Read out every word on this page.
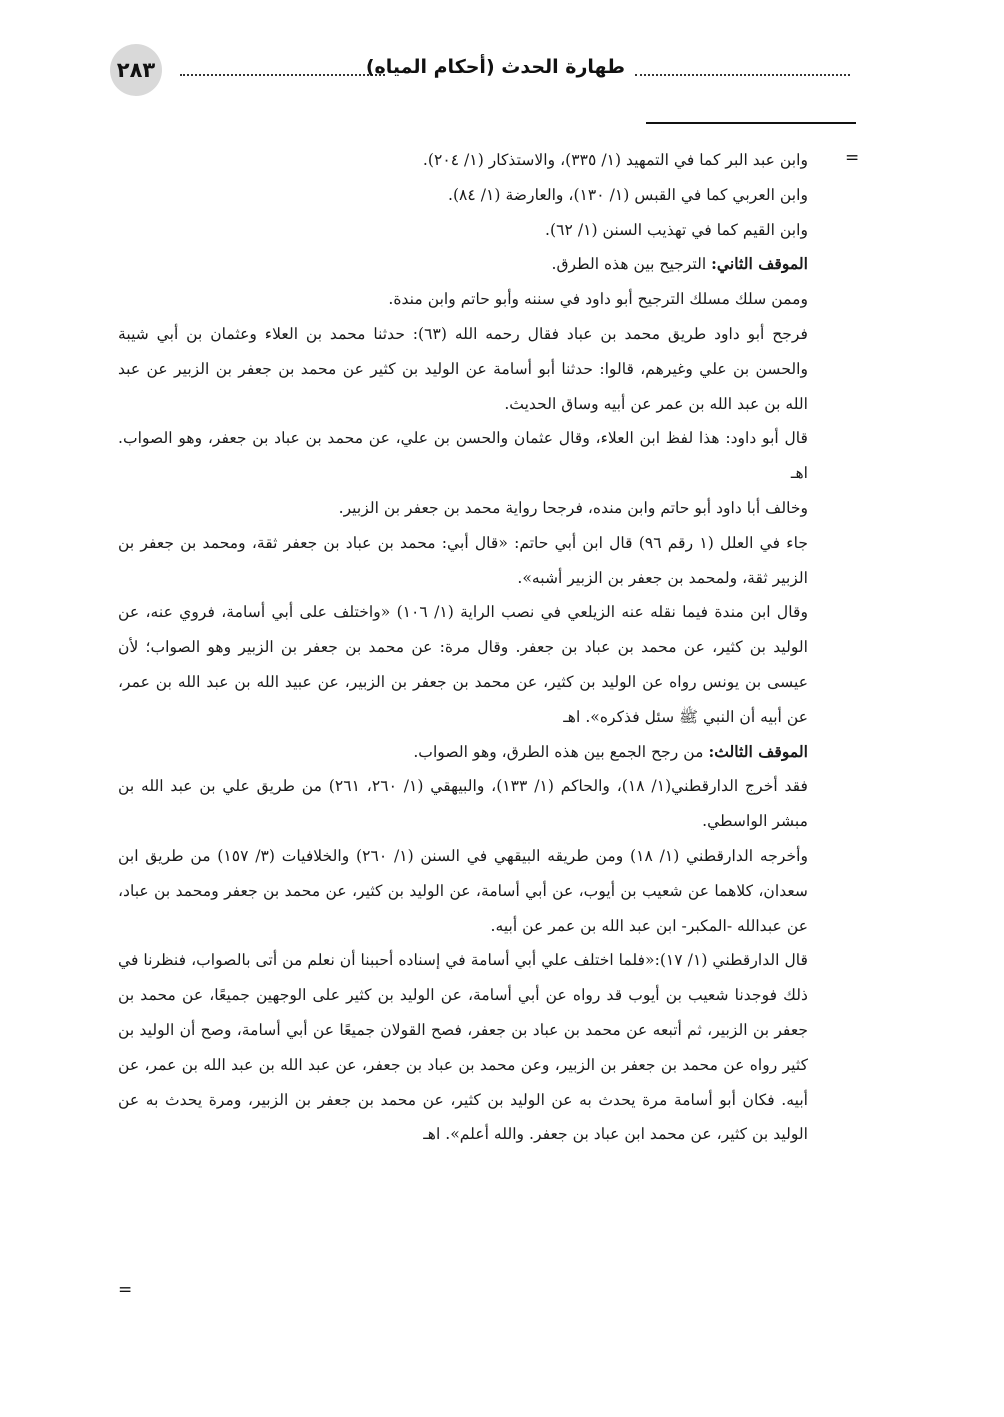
٢٨٣	طهارة الحدث (أحكام المياه)
=

وابن عبد البر كما في التمهيد (١/ ٣٣٥)، والاستذكار (١/ ٢٠٤).

وابن العربي كما في القبس (١/ ١٣٠)، والعارضة (١/ ٨٤).

وابن القيم كما في تهذيب السنن (١/ ٦٢).

الموقف الثاني: الترجيح بين هذه الطرق.

وممن سلك مسلك الترجيح أبو داود في سننه وأبو حاتم وابن مندة.

فرجح أبو داود طريق محمد بن عباد فقال رحمه الله (٦٣): حدثنا محمد بن العلاء وعثمان بن أبي شيبة والحسن بن علي وغيرهم، قالوا: حدثنا أبو أسامة عن الوليد بن كثير عن محمد بن جعفر بن الزبير عن عبد الله بن عبد الله بن عمر عن أبيه وساق الحديث.

قال أبو داود: هذا لفظ ابن العلاء، وقال عثمان والحسن بن علي، عن محمد بن عباد بن جعفر، وهو الصواب. اهـ

وخالف أبا داود أبو حاتم وابن منده، فرجحا رواية محمد بن جعفر بن الزبير.

جاء في العلل (١ رقم ٩٦) قال ابن أبي حاتم: «قال أبي: محمد بن عباد بن جعفر ثقة، ومحمد بن جعفر بن الزبير ثقة، ولمحمد بن جعفر بن الزبير أشبه».

وقال ابن مندة فيما نقله عنه الزيلعي في نصب الراية (١/ ١٠٦) «واختلف على أبي أسامة، فروي عنه، عن الوليد بن كثير، عن محمد بن عباد بن جعفر. وقال مرة: عن محمد بن جعفر بن الزبير وهو الصواب؛ لأن عيسى بن يونس رواه عن الوليد بن كثير، عن محمد بن جعفر بن الزبير، عن عبيد الله بن عبد الله بن عمر، عن أبيه أن النبي ﷺ سئل فذكره». اهـ

الموقف الثالث: من رجح الجمع بين هذه الطرق، وهو الصواب.

فقد أخرج الدارقطني(١/ ١٨)، والحاكم (١/ ١٣٣)، والبيهقي (١/ ٢٦٠، ٢٦١) من طريق علي بن عبد الله بن مبشر الواسطي.

وأخرجه الدارقطني (١/ ١٨) ومن طريقه البيقهي في السنن (١/ ٢٦٠) والخلافيات (٣/ ١٥٧) من طريق ابن سعدان، كلاهما عن شعيب بن أيوب، عن أبي أسامة، عن الوليد بن كثير، عن محمد بن جعفر ومحمد بن عباد، عن عبدالله -المكبر- ابن عبد الله بن عمر عن أبيه.

قال الدارقطني (١/ ١٧):«فلما اختلف علي أبي أسامة في إسناده أحببنا أن نعلم من أتى بالصواب، فنظرنا في ذلك فوجدنا شعيب بن أيوب قد رواه عن أبي أسامة، عن الوليد بن كثير على الوجهين جميعًا، عن محمد بن جعفر بن الزبير، ثم أتبعه عن محمد بن عباد بن جعفر، فصح القولان جميعًا عن أبي أسامة، وصح أن الوليد بن كثير رواه عن محمد بن جعفر بن الزبير، وعن محمد بن عباد بن جعفر، عن عبد الله بن عبد الله بن عمر، عن أبيه. فكان أبو أسامة مرة يحدث به عن الوليد بن كثير، عن محمد بن جعفر بن الزبير، ومرة يحدث به عن الوليد بن كثير، عن محمد ابن عباد بن جعفر. والله أعلم». اهـ

=
